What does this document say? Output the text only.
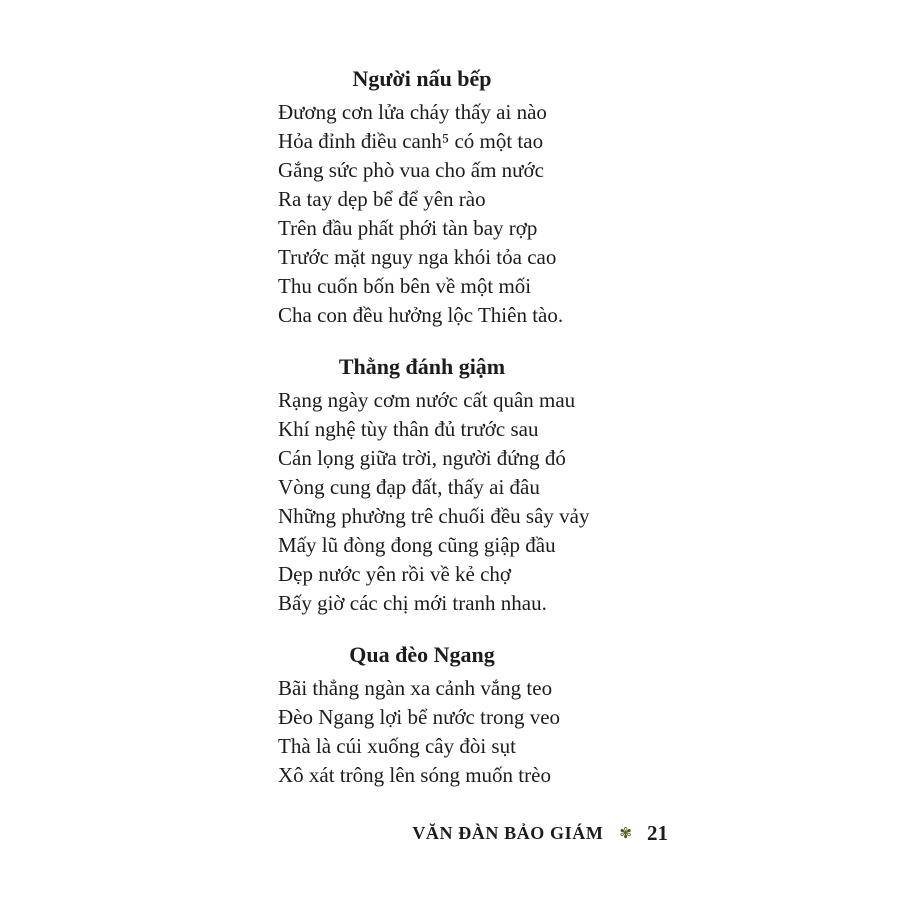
Người nấu bếp
Đương cơn lửa cháy thấy ai nào
Hỏa đỉnh điều canh⁵ có một tao
Gắng sức phò vua cho ấm nước
Ra tay dẹp bể để yên rào
Trên đầu phất phới tàn bay rợp
Trước mặt nguy nga khói tỏa cao
Thu cuốn bốn bên về một mối
Cha con đều hưởng lộc Thiên tào.
Thằng đánh giậm
Rạng ngày cơm nước cất quân mau
Khí nghệ tùy thân đủ trước sau
Cán lọng giữa trời, người đứng đó
Vòng cung đạp đất, thấy ai đâu
Những phường trê chuối đều sây vảy
Mấy lũ đòng đong cũng giập đầu
Dẹp nước yên rồi về kẻ chợ
Bấy giờ các chị mới tranh nhau.
Qua đèo Ngang
Bãi thẳng ngàn xa cảnh vắng teo
Đèo Ngang lợi bể nước trong veo
Thà là cúi xuống cây đòi sụt
Xô xát trông lên sóng muốn trèo
VĂN ĐÀN BẢO GIÁM ✾ 21
